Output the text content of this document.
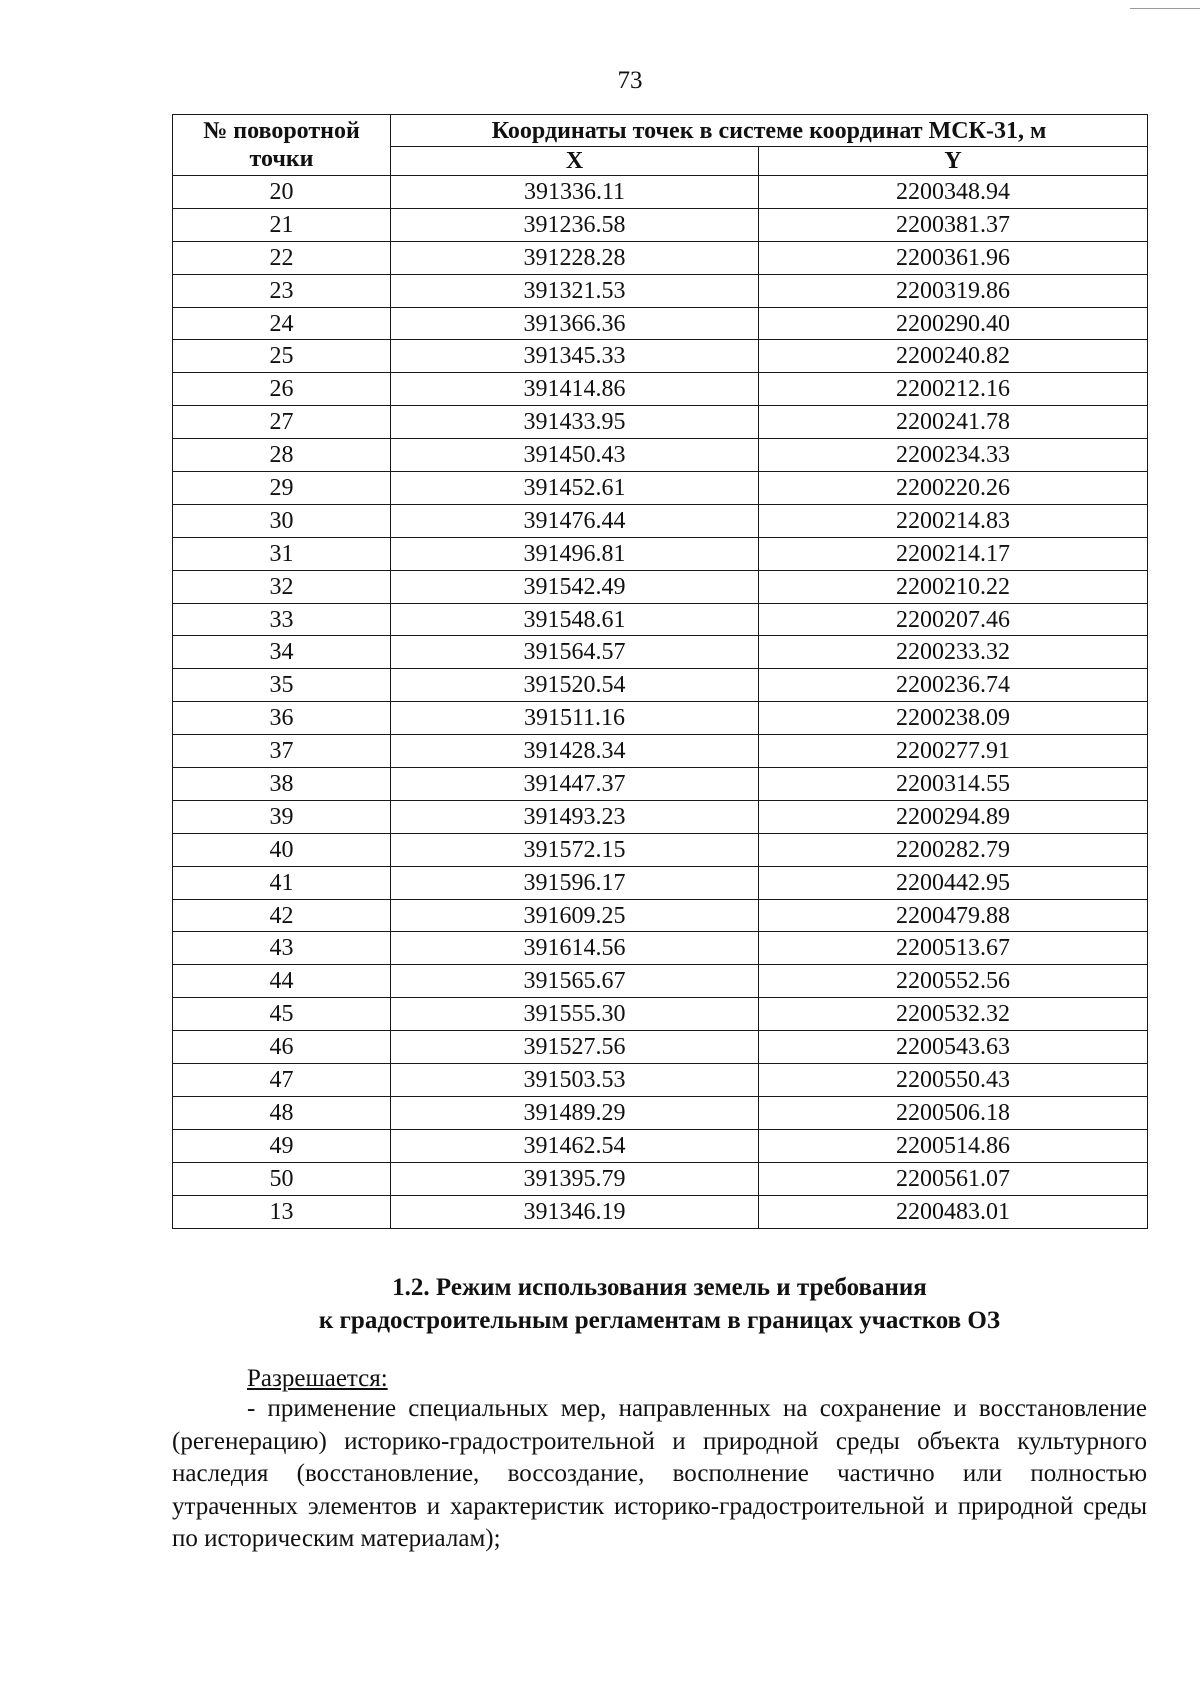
73
№ поворотной
точки	Координаты точек в системе координат МСК-31, м	
	X	Y
20	391336.11	2200348.94
21	391236.58	2200381.37
22	391228.28	2200361.96
23	391321.53	2200319.86
24	391366.36	2200290.40
25	391345.33	2200240.82
26	391414.86	2200212.16
27	391433.95	2200241.78
28	391450.43	2200234.33
29	391452.61	2200220.26
30	391476.44	2200214.83
31	391496.81	2200214.17
32	391542.49	2200210.22
33	391548.61	2200207.46
34	391564.57	2200233.32
35	391520.54	2200236.74
36	391511.16	2200238.09
37	391428.34	2200277.91
38	391447.37	2200314.55
39	391493.23	2200294.89
40	391572.15	2200282.79
41	391596.17	2200442.95
42	391609.25	2200479.88
43	391614.56	2200513.67
44	391565.67	2200552.56
45	391555.30	2200532.32
46	391527.56	2200543.63
47	391503.53	2200550.43
48	391489.29	2200506.18
49	391462.54	2200514.86
50	391395.79	2200561.07
13	391346.19	2200483.01
1.2. Режим использования земель и требования
к градостроительным регламентам в границах участков ОЗ
Разрешается:
- применение специальных мер, направленных на сохранение и восстановление (регенерацию) историко-градостроительной и природной среды объекта культурного наследия (восстановление, воссоздание, восполнение частично или полностью утраченных элементов и характеристик историко-градостроительной и природной среды по историческим материалам);
